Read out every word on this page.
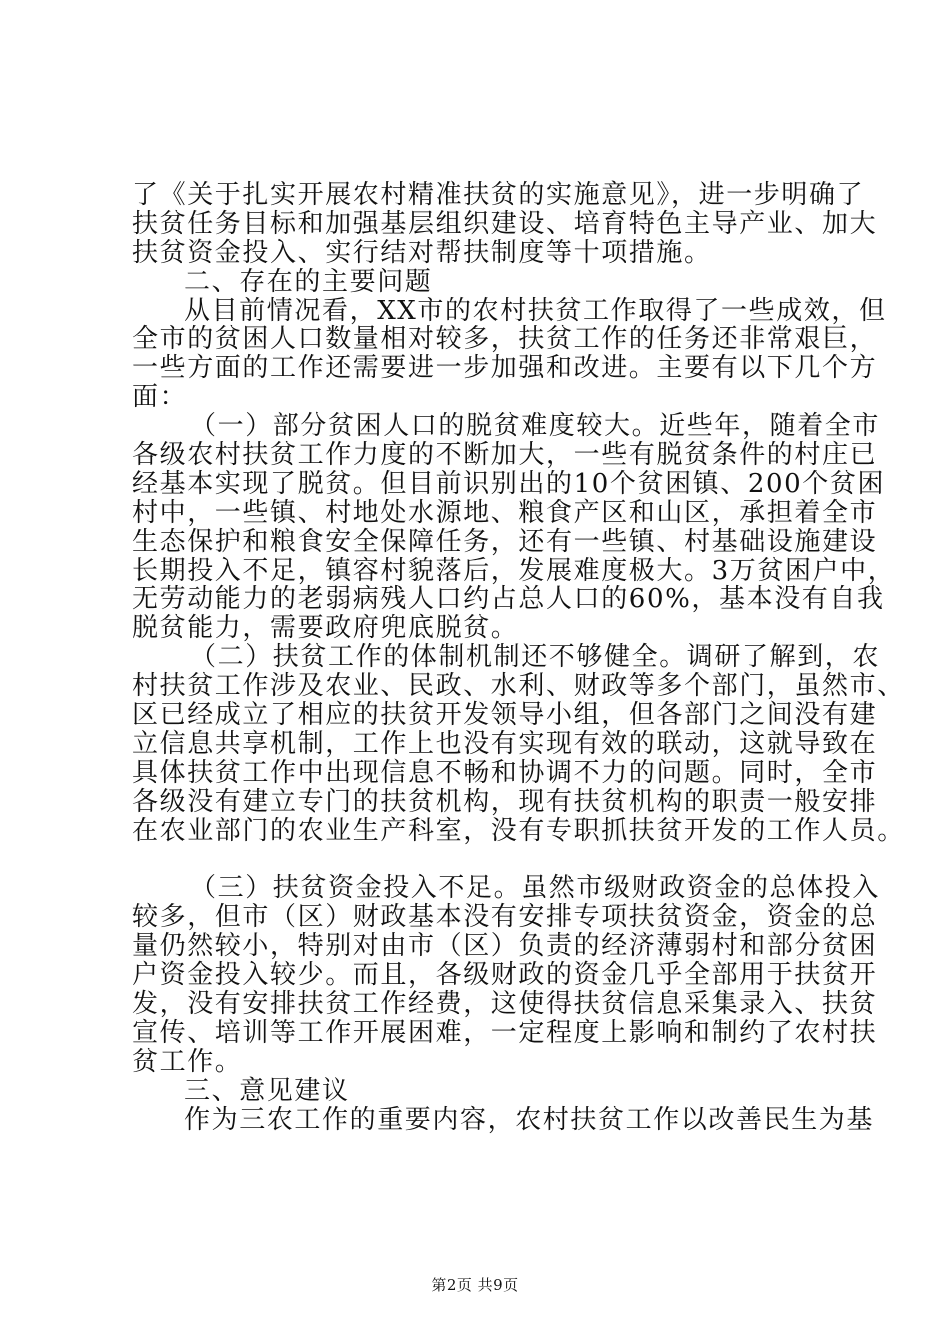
了《关于扎实开展农村精准扶贫的实施意见》，进一步明确了
扶贫任务目标和加强基层组织建设、培育特色主导产业、加大
扶贫资金投入、实行结对帮扶制度等十项措施。
二、存在的主要问题
从目前情况看，XX市的农村扶贫工作取得了一些成效，但
全市的贫困人口数量相对较多，扶贫工作的任务还非常艰巨，
一些方面的工作还需要进一步加强和改进。主要有以下几个方
面：
（一）部分贫困人口的脱贫难度较大。近些年，随着全市
各级农村扶贫工作力度的不断加大，一些有脱贫条件的村庄已
经基本实现了脱贫。但目前识别出的10个贫困镇、200个贫困
村中，一些镇、村地处水源地、粮食产区和山区，承担着全市
生态保护和粮食安全保障任务，还有一些镇、村基础设施建设
长期投入不足，镇容村貌落后，发展难度极大。3万贫困户中，
无劳动能力的老弱病残人口约占总人口的60%，基本没有自我
脱贫能力，需要政府兜底脱贫。
（二）扶贫工作的体制机制还不够健全。调研了解到，农
村扶贫工作涉及农业、民政、水利、财政等多个部门，虽然市、
区已经成立了相应的扶贫开发领导小组，但各部门之间没有建
立信息共享机制，工作上也没有实现有效的联动，这就导致在
具体扶贫工作中出现信息不畅和协调不力的问题。同时，全市
各级没有建立专门的扶贫机构，现有扶贫机构的职责一般安排
在农业部门的农业生产科室，没有专职抓扶贫开发的工作人员。
（三）扶贫资金投入不足。虽然市级财政资金的总体投入
较多，但市（区）财政基本没有安排专项扶贫资金，资金的总
量仍然较小，特别对由市（区）负责的经济薄弱村和部分贫困
户资金投入较少。而且，各级财政的资金几乎全部用于扶贫开
发，没有安排扶贫工作经费，这使得扶贫信息采集录入、扶贫
宣传、培训等工作开展困难，一定程度上影响和制约了农村扶
贫工作。
三、意见建议
作为三农工作的重要内容，农村扶贫工作以改善民生为基
第2页 共9页
